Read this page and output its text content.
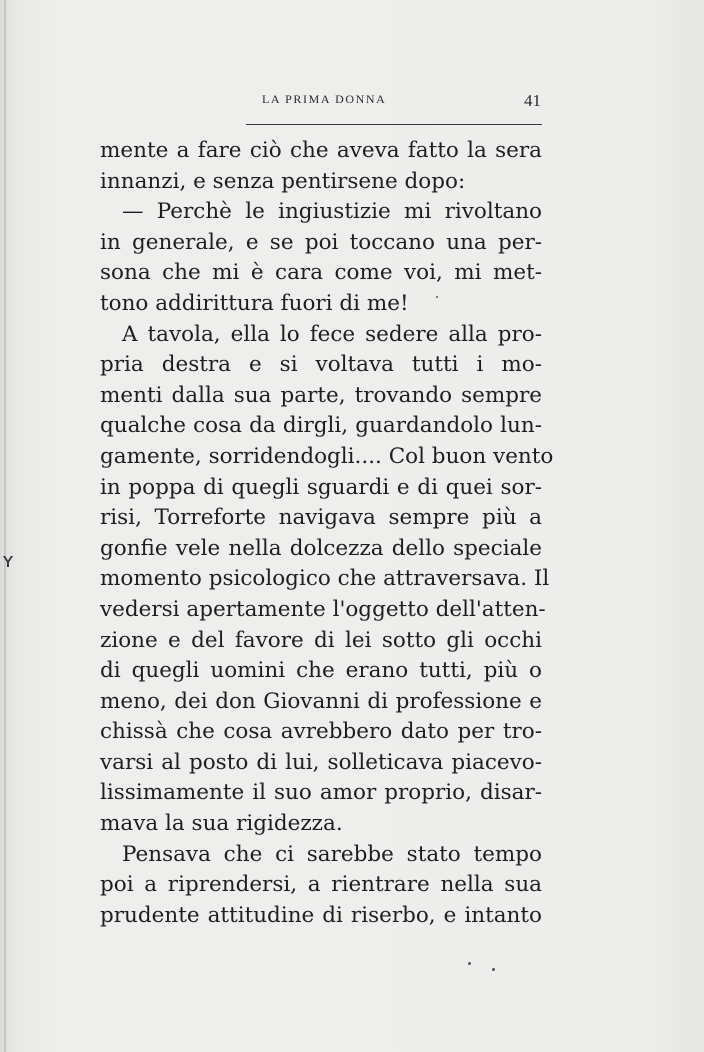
LA PRIMA DONNA	41
mente a fare ciò che aveva fatto la sera
innanzi, e senza pentirsene dopo:
— Perchè le ingiustizie mi rivoltano
in generale, e se poi toccano una per-
sona che mi è cara come voi, mi met-
tono addirittura fuori di me!
A tavola, ella lo fece sedere alla pro-
pria destra e si voltava tutti i mo-
menti dalla sua parte, trovando sempre
qualche cosa da dirgli, guardandolo lun-
gamente, sorridendogli.... Col buon vento
in poppa di quegli sguardi e di quei sor-
risi, Torreforte navigava sempre più a
gonfie vele nella dolcezza dello speciale
momento psicologico che attraversava. Il
vedersi apertamente l'oggetto dell'atten-
zione e del favore di lei sotto gli occhi
di quegli uomini che erano tutti, più o
meno, dei don Giovanni di professione e
chissà che cosa avrebbero dato per tro-
varsi al posto di lui, solleticava piacevo-
lissimamente il suo amor proprio, disar-
mava la sua rigidezza.
Pensava che ci sarebbe stato tempo
poi a riprendersi, a rientrare nella sua
prudente attitudine di riserbo, e intanto
ʏ
